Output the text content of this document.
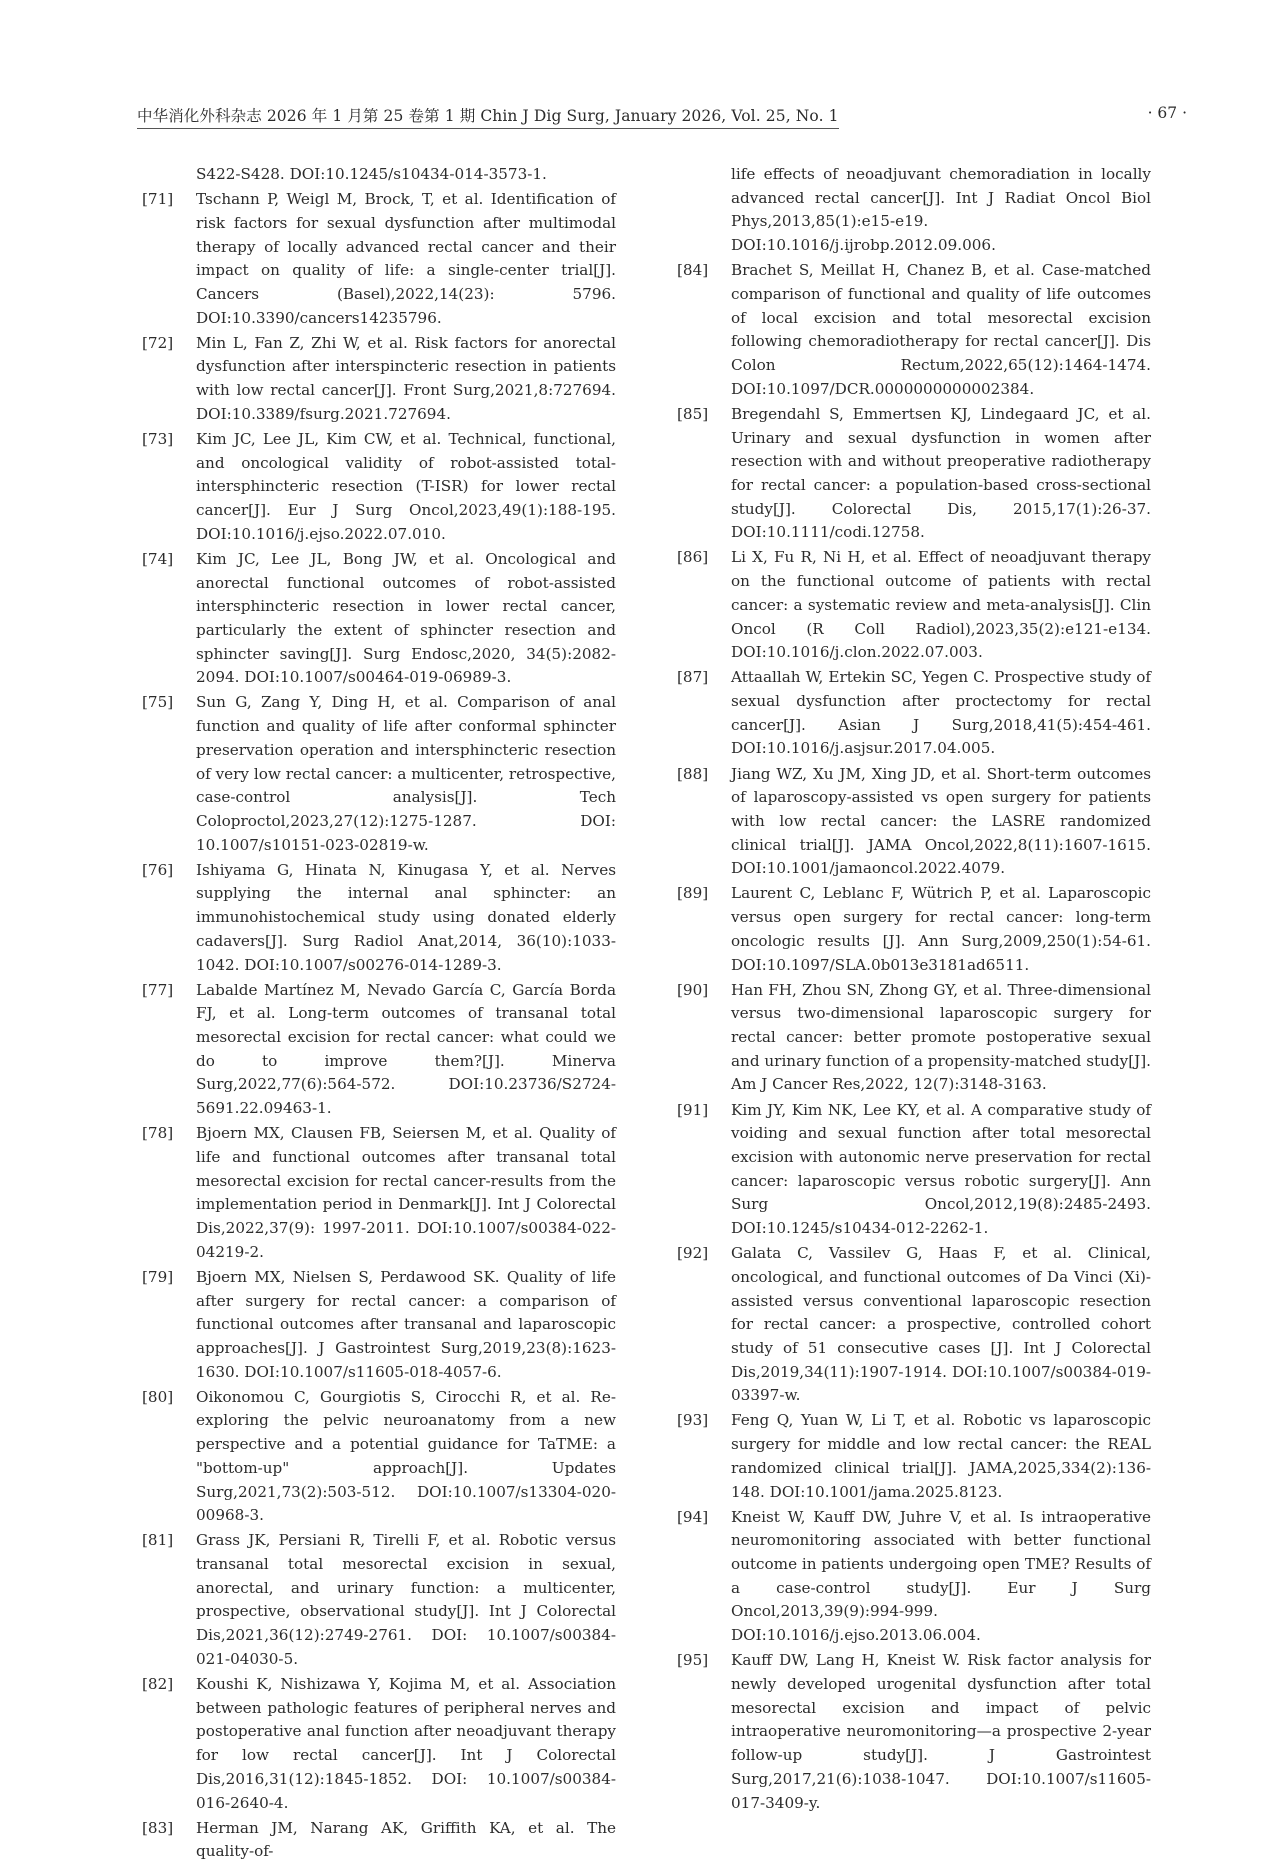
中华消化外科杂志 2026 年 1 月第 25 卷第 1 期 Chin J Dig Surg, January 2026, Vol. 25, No. 1	· 67 ·
S422-S428. DOI:10.1245/s10434-014-3573-1.
[71]	Tschann P, Weigl M, Brock, T, et al. Identification of risk factors for sexual dysfunction after multimodal therapy of locally advanced rectal cancer and their impact on quality of life: a single-center trial[J]. Cancers (Basel),2022,14(23): 5796. DOI:10.3390/cancers14235796.
[72]	Min L, Fan Z, Zhi W, et al. Risk factors for anorectal dysfunction after interspincteric resection in patients with low rectal cancer[J]. Front Surg,2021,8:727694. DOI:10.3389/fsurg.2021.727694.
[73]	Kim JC, Lee JL, Kim CW, et al. Technical, functional, and oncological validity of robot-assisted total-intersphincteric resection (T-ISR) for lower rectal cancer[J]. Eur J Surg Oncol,2023,49(1):188-195. DOI:10.1016/j.ejso.2022.07.010.
[74]	Kim JC, Lee JL, Bong JW, et al. Oncological and anorectal functional outcomes of robot-assisted intersphincteric resection in lower rectal cancer, particularly the extent of sphincter resection and sphincter saving[J]. Surg Endosc,2020, 34(5):2082-2094. DOI:10.1007/s00464-019-06989-3.
[75]	Sun G, Zang Y, Ding H, et al. Comparison of anal function and quality of life after conformal sphincter preservation operation and intersphincteric resection of very low rectal cancer: a multicenter, retrospective, case-control analysis[J]. Tech Coloproctol,2023,27(12):1275-1287. DOI: 10.1007/s10151-023-02819-w.
[76]	Ishiyama G, Hinata N, Kinugasa Y, et al. Nerves supplying the internal anal sphincter: an immunohistochemical study using donated elderly cadavers[J]. Surg Radiol Anat,2014, 36(10):1033-1042. DOI:10.1007/s00276-014-1289-3.
[77]	Labalde Martínez M, Nevado García C, García Borda FJ, et al. Long-term outcomes of transanal total mesorectal excision for rectal cancer: what could we do to improve them?[J]. Minerva Surg,2022,77(6):564-572. DOI:10.23736/S2724-5691.22.09463-1.
[78]	Bjoern MX, Clausen FB, Seiersen M, et al. Quality of life and functional outcomes after transanal total mesorectal excision for rectal cancer-results from the implementation period in Denmark[J]. Int J Colorectal Dis,2022,37(9): 1997-2011. DOI:10.1007/s00384-022-04219-2.
[79]	Bjoern MX, Nielsen S, Perdawood SK. Quality of life after surgery for rectal cancer: a comparison of functional outcomes after transanal and laparoscopic approaches[J]. J Gastrointest Surg,2019,23(8):1623-1630. DOI:10.1007/s11605-018-4057-6.
[80]	Oikonomou C, Gourgiotis S, Cirocchi R, et al. Re-exploring the pelvic neuroanatomy from a new perspective and a potential guidance for TaTME: a "bottom-up" approach[J]. Updates Surg,2021,73(2):503-512. DOI:10.1007/s13304-020-00968-3.
[81]	Grass JK, Persiani R, Tirelli F, et al. Robotic versus transanal total mesorectal excision in sexual, anorectal, and urinary function: a multicenter, prospective, observational study[J]. Int J Colorectal Dis,2021,36(12):2749-2761. DOI: 10.1007/s00384-021-04030-5.
[82]	Koushi K, Nishizawa Y, Kojima M, et al. Association between pathologic features of peripheral nerves and postoperative anal function after neoadjuvant therapy for low rectal cancer[J]. Int J Colorectal Dis,2016,31(12):1845-1852. DOI: 10.1007/s00384-016-2640-4.
[83]	Herman JM, Narang AK, Griffith KA, et al. The quality-of-
life effects of neoadjuvant chemoradiation in locally advanced rectal cancer[J]. Int J Radiat Oncol Biol Phys,2013,85(1):e15-e19. DOI:10.1016/j.ijrobp.2012.09.006.
[84]	Brachet S, Meillat H, Chanez B, et al. Case-matched comparison of functional and quality of life outcomes of local excision and total mesorectal excision following chemoradiotherapy for rectal cancer[J]. Dis Colon Rectum,2022,65(12):1464-1474. DOI:10.1097/DCR.0000000000002384.
[85]	Bregendahl S, Emmertsen KJ, Lindegaard JC, et al. Urinary and sexual dysfunction in women after resection with and without preoperative radiotherapy for rectal cancer: a population-based cross-sectional study[J]. Colorectal Dis, 2015,17(1):26-37. DOI:10.1111/codi.12758.
[86]	Li X, Fu R, Ni H, et al. Effect of neoadjuvant therapy on the functional outcome of patients with rectal cancer: a systematic review and meta-analysis[J]. Clin Oncol (R Coll Radiol),2023,35(2):e121-e134. DOI:10.1016/j.clon.2022.07.003.
[87]	Attaallah W, Ertekin SC, Yegen C. Prospective study of sexual dysfunction after proctectomy for rectal cancer[J]. Asian J Surg,2018,41(5):454-461. DOI:10.1016/j.asjsur.2017.04.005.
[88]	Jiang WZ, Xu JM, Xing JD, et al. Short-term outcomes of laparoscopy-assisted vs open surgery for patients with low rectal cancer: the LASRE randomized clinical trial[J]. JAMA Oncol,2022,8(11):1607-1615. DOI:10.1001/jamaoncol.2022.4079.
[89]	Laurent C, Leblanc F, Wütrich P, et al. Laparoscopic versus open surgery for rectal cancer: long-term oncologic results [J]. Ann Surg,2009,250(1):54-61. DOI:10.1097/SLA.0b013e3181ad6511.
[90]	Han FH, Zhou SN, Zhong GY, et al. Three-dimensional versus two-dimensional laparoscopic surgery for rectal cancer: better promote postoperative sexual and urinary function of a propensity-matched study[J]. Am J Cancer Res,2022, 12(7):3148-3163.
[91]	Kim JY, Kim NK, Lee KY, et al. A comparative study of voiding and sexual function after total mesorectal excision with autonomic nerve preservation for rectal cancer: laparoscopic versus robotic surgery[J]. Ann Surg Oncol,2012,19(8):2485-2493. DOI:10.1245/s10434-012-2262-1.
[92]	Galata C, Vassilev G, Haas F, et al. Clinical, oncological, and functional outcomes of Da Vinci (Xi)-assisted versus conventional laparoscopic resection for rectal cancer: a prospective, controlled cohort study of 51 consecutive cases [J]. Int J Colorectal Dis,2019,34(11):1907-1914. DOI:10.1007/s00384-019-03397-w.
[93]	Feng Q, Yuan W, Li T, et al. Robotic vs laparoscopic surgery for middle and low rectal cancer: the REAL randomized clinical trial[J]. JAMA,2025,334(2):136-148. DOI:10.1001/jama.2025.8123.
[94]	Kneist W, Kauff DW, Juhre V, et al. Is intraoperative neuromonitoring associated with better functional outcome in patients undergoing open TME? Results of a case-control study[J]. Eur J Surg Oncol,2013,39(9):994-999. DOI:10.1016/j.ejso.2013.06.004.
[95]	Kauff DW, Lang H, Kneist W. Risk factor analysis for newly developed urogenital dysfunction after total mesorectal excision and impact of pelvic intraoperative neuromonitoring—a prospective 2-year follow-up study[J]. J Gastrointest Surg,2017,21(6):1038-1047. DOI:10.1007/s11605-017-3409-y.
